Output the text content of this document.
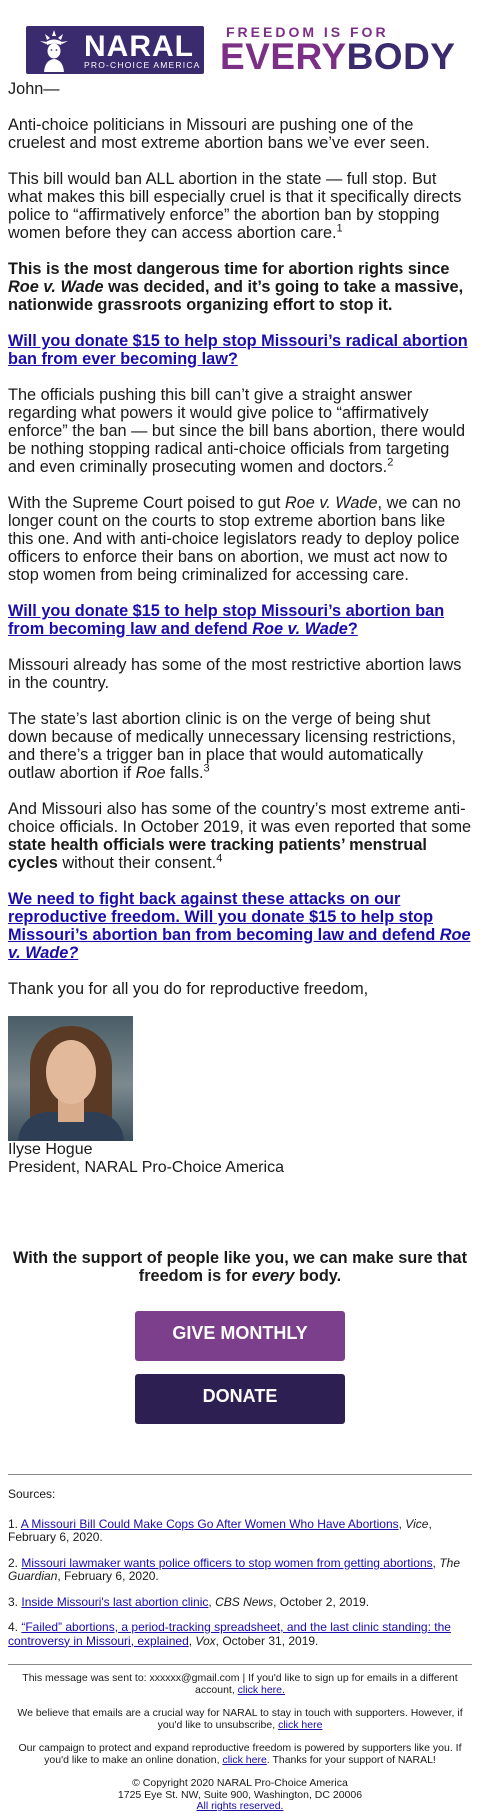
NARAL
PRO-CHOICE AMERICA
FREEDOM IS FOR
EVERYBODY

John—

Anti-choice politicians in Missouri are pushing one of the cruelest and most extreme abortion bans we’ve ever seen.

This bill would ban ALL abortion in the state — full stop. But what makes this bill especially cruel is that it specifically directs police to “affirmatively enforce” the abortion ban by stopping women before they can access abortion care.$^1$

This is the most dangerous time for abortion rights since Roe v. Wade was decided, and it’s going to take a massive, nationwide grassroots organizing effort to stop it.

Will you donate $15 to help stop Missouri’s radical abortion ban from ever becoming law?

The officials pushing this bill can’t give a straight answer regarding what powers it would give police to “affirmatively enforce” the ban — but since the bill bans abortion, there would be nothing stopping radical anti-choice officials from targeting and even criminally prosecuting women and doctors.$^2$

With the Supreme Court poised to gut Roe v. Wade, we can no longer count on the courts to stop extreme abortion bans like this one. And with anti-choice legislators ready to deploy police officers to enforce their bans on abortion, we must act now to stop women from being criminalized for accessing care.

Will you donate $15 to help stop Missouri’s abortion ban from becoming law and defend Roe v. Wade?

Missouri already has some of the most restrictive abortion laws in the country.

The state’s last abortion clinic is on the verge of being shut down because of medically unnecessary licensing restrictions, and there’s a trigger ban in place that would automatically outlaw abortion if Roe falls.$^3$

And Missouri also has some of the country’s most extreme anti-choice officials. In October 2019, it was even reported that some state health officials were tracking patients’ menstrual cycles without their consent.$^4$

We need to fight back against these attacks on our reproductive freedom. Will you donate $15 to help stop Missouri’s abortion ban from becoming law and defend Roe v. Wade?

Thank you for all you do for reproductive freedom,

Ilyse Hogue
President, NARAL Pro-Choice America
With the support of people like you, we can make sure that freedom is for every body.
GIVE MONTHLY
DONATE
Sources:

1. A Missouri Bill Could Make Cops Go After Women Who Have Abortions, Vice, February 6, 2020.

2. Missouri lawmaker wants police officers to stop women from getting abortions, The Guardian, February 6, 2020.

3. Inside Missouri's last abortion clinic, CBS News, October 2, 2019.

4. “Failed” abortions, a period-tracking spreadsheet, and the last clinic standing: the controversy in Missouri, explained, Vox, October 31, 2019.

This message was sent to: xxxxxx@gmail.com | If you'd like to sign up for emails in a different account, click here.

We believe that emails are a crucial way for NARAL to stay in touch with supporters. However, if you'd like to unsubscribe, click here

Our campaign to protect and expand reproductive freedom is powered by supporters like you. If you'd like to make an online donation, click here. Thanks for your support of NARAL!

© Copyright 2020 NARAL Pro-Choice America
1725 Eye St. NW, Suite 900, Washington, DC 20006
All rights reserved.
